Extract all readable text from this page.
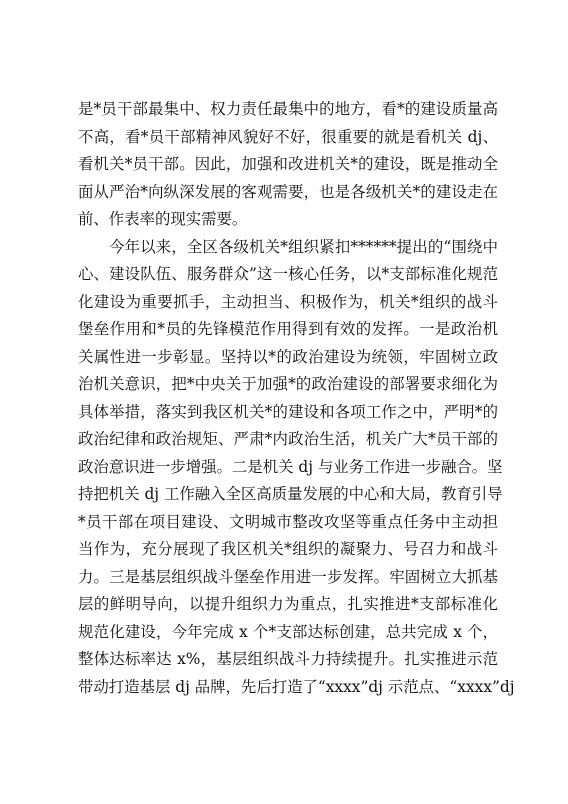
是*员干部最集中、权力责任最集中的地方，看*的建设质量高
不高，看*员干部精神风貌好不好，很重要的就是看机关 dj、
看机关*员干部。因此，加强和改进机关*的建设，既是推动全
面从严治*向纵深发展的客观需要，也是各级机关*的建设走在
前、作表率的现实需要。
　　今年以来，全区各级机关*组织紧扣******提出的“围绕中
心、建设队伍、服务群众”这一核心任务，以*支部标准化规范
化建设为重要抓手，主动担当、积极作为，机关*组织的战斗
堡垒作用和*员的先锋模范作用得到有效的发挥。一是政治机
关属性进一步彰显。坚持以*的政治建设为统领，牢固树立政
治机关意识，把*中央关于加强*的政治建设的部署要求细化为
具体举措，落实到我区机关*的建设和各项工作之中，严明*的
政治纪律和政治规矩、严肃*内政治生活，机关广大*员干部的
政治意识进一步增强。二是机关 dj 与业务工作进一步融合。坚
持把机关 dj 工作融入全区高质量发展的中心和大局，教育引导
*员干部在项目建设、文明城市整改攻坚等重点任务中主动担
当作为，充分展现了我区机关*组织的凝聚力、号召力和战斗
力。三是基层组织战斗堡垒作用进一步发挥。牢固树立大抓基
层的鲜明导向，以提升组织力为重点，扎实推进*支部标准化
规范化建设，今年完成 x 个*支部达标创建，总共完成 x 个，
整体达标率达 x%，基层组织战斗力持续提升。扎实推进示范
带动打造基层 dj 品牌，先后打造了“xxxx”dj 示范点、“xxxx”dj
